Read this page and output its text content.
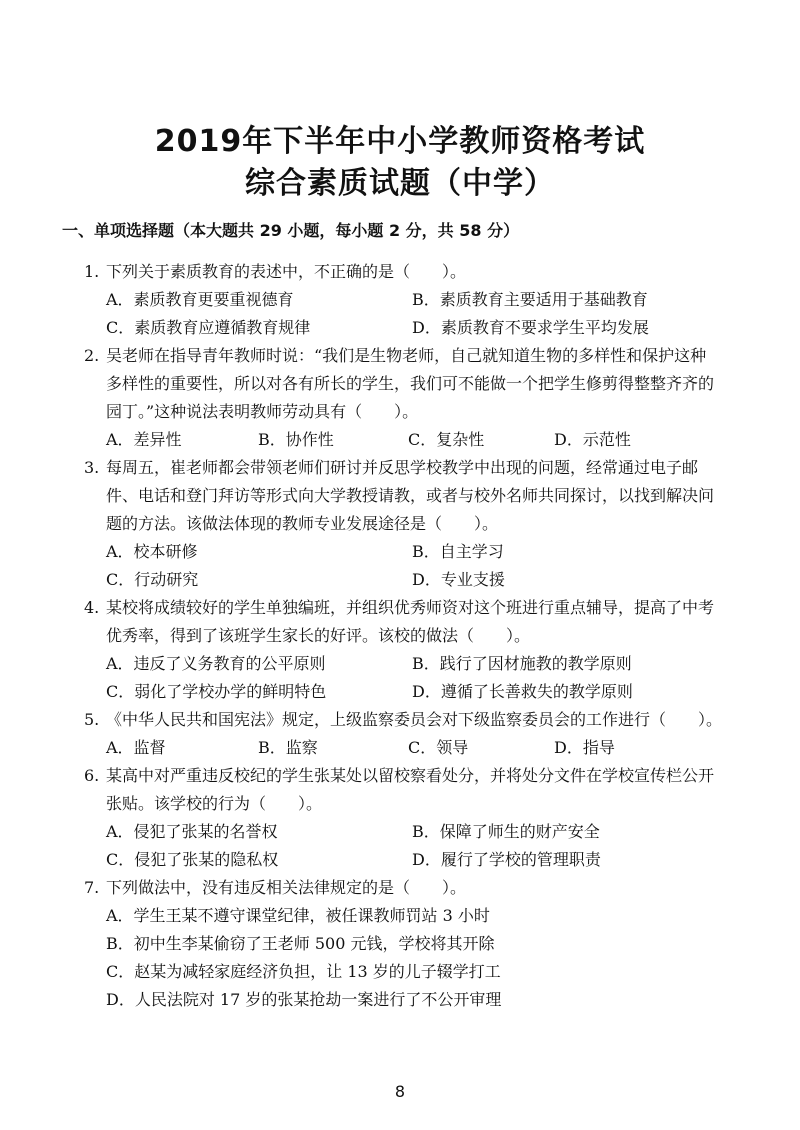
2019年下半年中小学教师资格考试
综合素质试题（中学）
一、单项选择题（本大题共 29 小题，每小题 2 分，共 58 分）
1. 下列关于素质教育的表述中，不正确的是（　　）。
A．素质教育更要重视德育	B．素质教育主要适用于基础教育
C．素质教育应遵循教育规律	D．素质教育不要求学生平均发展
2. 吴老师在指导青年教师时说：“我们是生物老师，自己就知道生物的多样性和保护这种
多样性的重要性，所以对各有所长的学生，我们可不能做一个把学生修剪得整整齐齐的
园丁。”这种说法表明教师劳动具有（　　）。
A．差异性	B．协作性	C．复杂性	D．示范性
3. 每周五，崔老师都会带领老师们研讨并反思学校教学中出现的问题，经常通过电子邮
件、电话和登门拜访等形式向大学教授请教，或者与校外名师共同探讨，以找到解决问
题的方法。该做法体现的教师专业发展途径是（　　）。
A．校本研修	B．自主学习
C．行动研究	D．专业支援
4. 某校将成绩较好的学生单独编班，并组织优秀师资对这个班进行重点辅导，提高了中考
优秀率，得到了该班学生家长的好评。该校的做法（　　）。
A．违反了义务教育的公平原则	B．践行了因材施教的教学原则
C．弱化了学校办学的鲜明特色	D．遵循了长善救失的教学原则
5. 《中华人民共和国宪法》规定，上级监察委员会对下级监察委员会的工作进行（　　）。
A．监督	B．监察	C．领导	D．指导
6. 某高中对严重违反校纪的学生张某处以留校察看处分，并将处分文件在学校宣传栏公开
张贴。该学校的行为（　　）。
A．侵犯了张某的名誉权	B．保障了师生的财产安全
C．侵犯了张某的隐私权	D．履行了学校的管理职责
7. 下列做法中，没有违反相关法律规定的是（　　）。
A．学生王某不遵守课堂纪律，被任课教师罚站 3 小时
B．初中生李某偷窃了王老师 500 元钱，学校将其开除
C．赵某为减轻家庭经济负担，让 13 岁的儿子辍学打工
D．人民法院对 17 岁的张某抢劫一案进行了不公开审理
8
